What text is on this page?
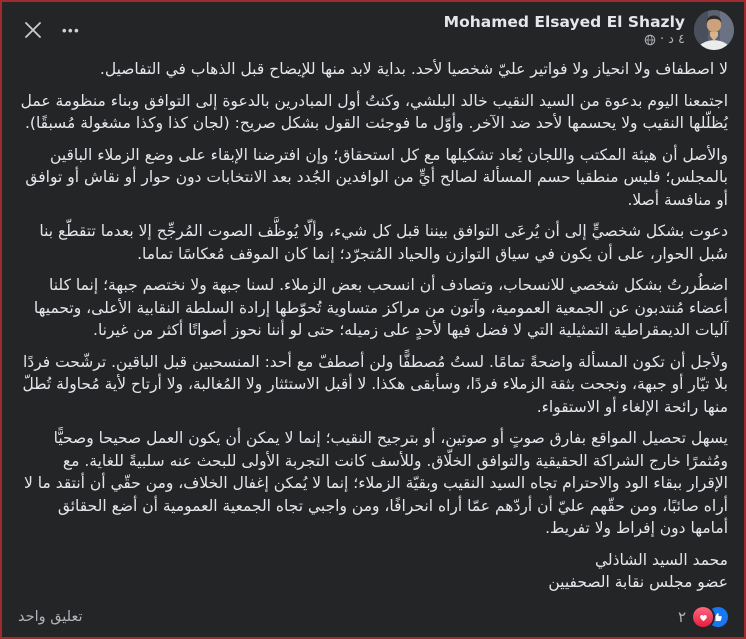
Mohamed Elsayed El Shazly
٤ د
·
•••

لا اصطفاف ولا انحياز ولا فواتير عليّ شخصيا لأحد. بداية لابد منها للإيضاح قبل الذهاب في التفاصيل.

اجتمعنا اليوم بدعوة من السيد النقيب خالد البلشي، وكنتُ أول المبادرين بالدعوة إلى التوافق وبناء منظومة عمل يُظلّلها النقيب ولا يحسمها لأحد ضد الآخر. وأوّل ما فوجئت القول بشكل صريح: (لجان كذا وكذا مشغولة مُسبقًا).

والأصل أن هيئة المكتب واللجان يُعاد تشكيلها مع كل استحقاق؛ وإن افترضنا الإبقاء على وضع الزملاء الباقين بالمجلس؛ فليس منطقيا حسم المسألة لصالح أيٍّ من الوافدين الجُدد بعد الانتخابات دون حوار أو نقاش أو توافق أو منافسة أصلا.

دعوت بشكل شخصيٍّ إلى أن يُرعَى التوافق بيننا قبل كل شيء، وألّا يُوظَّف الصوت المُرجِّح إلا بعدما تتقطّع بنا سُبل الحوار، على أن يكون في سياق التوازن والحياد المُتجرّد؛ إنما كان الموقف مُعكاسًا تماما.

اضطُررتُ بشكل شخصي للانسحاب، وتصادف أن انسحب بعض الزملاء. لسنا جبهة ولا نختصم جبهة؛ إنما كلنا أعضاء مُنتدبون عن الجمعية العمومية، وآتون من مراكز متساوية تُحوّطها إرادة السلطة النقابية الأعلى، وتحميها آليات الديمقراطية التمثيلية التي لا فضل فيها لأحدٍ على زميله؛ حتى لو أننا نحوز أصواتًا أكثر من غيرنا.

ولأجل أن تكون المسألة واضحةً تمامًا. لستُ مُصطفًّا ولن أصطفّ مع أحد: المنسحبين قبل الباقين. ترشّحت فردًا بلا تيّار أو جبهة، ونجحت بثقة الزملاء فردًا، وسأبقى هكذا. لا أقبل الاستئثار ولا المُغالبة، ولا أرتاح لأية مُحاولة تُطلّ منها رائحة الإلغاء أو الاستقواء.

يسهل تحصيل المواقع بفارق صوتٍ أو صوتين، أو بترجيح النقيب؛ إنما لا يمكن أن يكون العمل صحيحا وصحيًّا ومُثمرًا خارج الشراكة الحقيقية والتوافق الخلّاق. وللأسف كانت التجربة الأولى للبحث عنه سلبيةً للغاية. مع الإقرار ببقاء الود والاحترام تجاه السيد النقيب وبقيّة الزملاء؛ إنما لا يُمكن إغفال الخلاف، ومن حقّي أن أنتقد ما لا أراه صائبًا، ومن حقّهم عليّ أن أردّهم عمّا أراه انحرافًا، ومن واجبي تجاه الجمعية العمومية أن أضع الحقائق أمامها دون إفراط ولا تفريط.

محمد السيد الشاذلي

عضو مجلس نقابة الصحفيين

٢
تعليق واحد
